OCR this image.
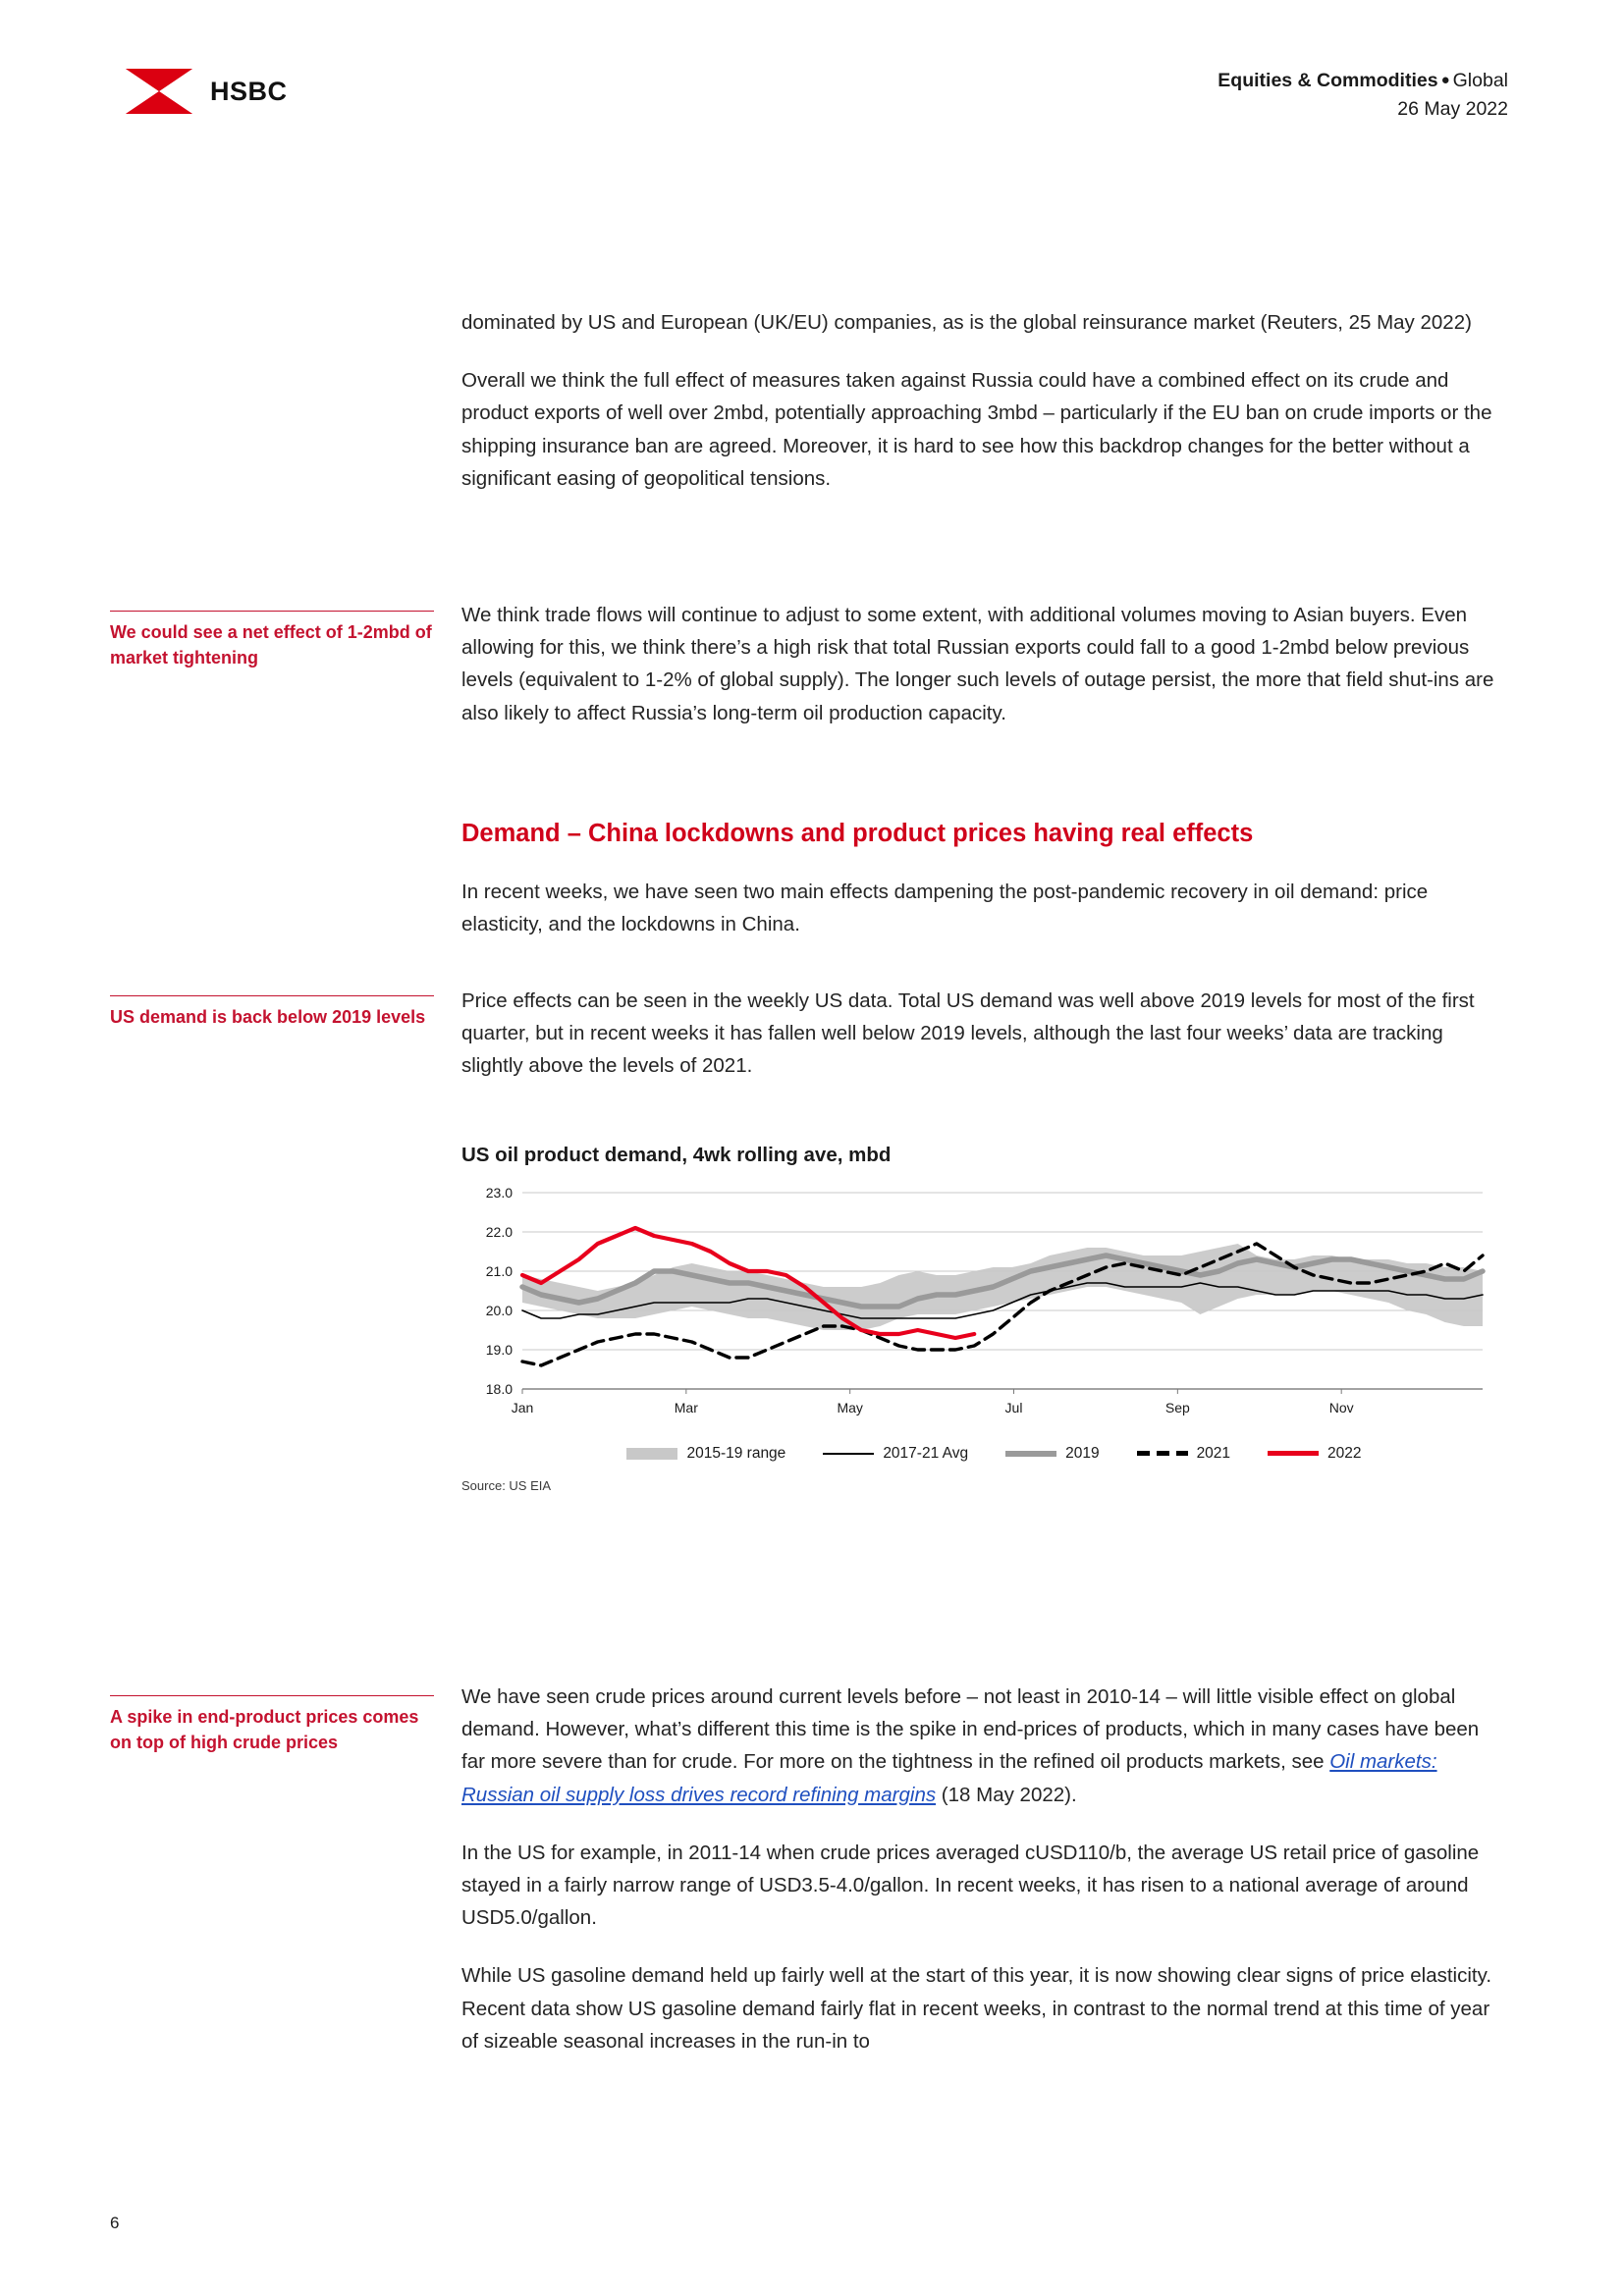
HSBC	Equities & Commodities ● Global
26 May 2022

dominated by US and European (UK/EU) companies, as is the global reinsurance market (Reuters, 25 May 2022)

Overall we think the full effect of measures taken against Russia could have a combined effect on its crude and product exports of well over 2mbd, potentially approaching 3mbd – particularly if the EU ban on crude imports or the shipping insurance ban are agreed. Moreover, it is hard to see how this backdrop changes for the better without a significant easing of geopolitical tensions.

We could see a net effect of 1-2mbd of market tightening

We think trade flows will continue to adjust to some extent, with additional volumes moving to Asian buyers. Even allowing for this, we think there’s a high risk that total Russian exports could fall to a good 1-2mbd below previous levels (equivalent to 1-2% of global supply). The longer such levels of outage persist, the more that field shut-ins are also likely to affect Russia’s long-term oil production capacity.

Demand – China lockdowns and product prices having real effects

In recent weeks, we have seen two main effects dampening the post-pandemic recovery in oil demand: price elasticity, and the lockdowns in China.

US demand is back below 2019 levels

Price effects can be seen in the weekly US data. Total US demand was well above 2019 levels for most of the first quarter, but in recent weeks it has fallen well below 2019 levels, although the last four weeks’ data are tracking slightly above the levels of 2021.

US oil product demand, 4wk rolling ave, mbd
18.0
19.0
20.0
21.0
22.0
23.0
Jan	Mar	May	Jul	Sep	Nov
2015-19 range	2017-21 Avg	2019	2021	2022
Source: US EIA
A spike in end-product prices comes on top of high crude prices

We have seen crude prices around current levels before – not least in 2010-14 – will little visible effect on global demand. However, what’s different this time is the spike in end-prices of products, which in many cases have been far more severe than for crude. For more on the tightness in the refined oil products markets, see Oil markets: Russian oil supply loss drives record refining margins (18 May 2022).

In the US for example, in 2011-14 when crude prices averaged cUSD110/b, the average US retail price of gasoline stayed in a fairly narrow range of USD3.5-4.0/gallon. In recent weeks, it has risen to a national average of around USD5.0/gallon.

While US gasoline demand held up fairly well at the start of this year, it is now showing clear signs of price elasticity. Recent data show US gasoline demand fairly flat in recent weeks, in contrast to the normal trend at this time of year of sizeable seasonal increases in the run-in to

6
